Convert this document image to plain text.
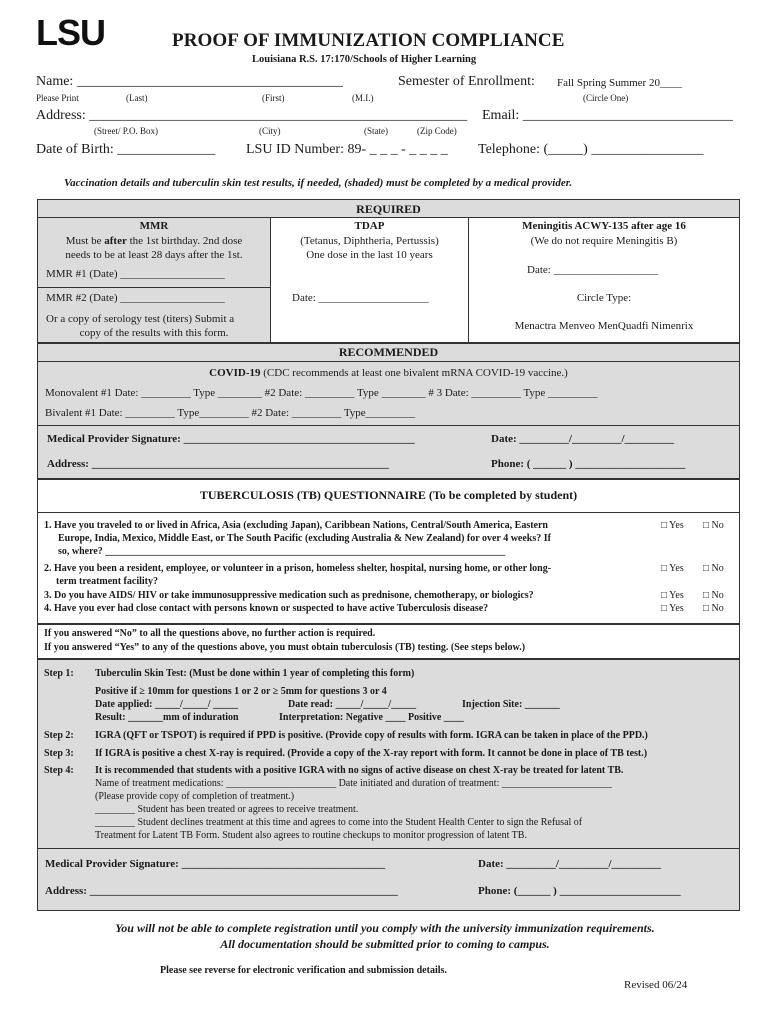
LSU	PROOF OF IMMUNIZATION COMPLIANCE
Louisiana R.S. 17:170/Schools of Higher Learning
Name: ______________________________________	Semester of Enrollment: Fall Spring Summer 20____
Please Print	(Last)	(First)	(M.I.)	(Circle One)
Address: ______________________________________________________ Email: ______________________________
(Street/ P.O. Box)	(City)	(State)	(Zip Code)
Date of Birth: ______________ LSU ID Number: 89- _ _ _ - _ _ _ _ Telephone: (_____) ________________
Vaccination details and tuberculin skin test results, if needed, (shaded) must be completed by a medical provider.
REQUIRED
MMR
Must be after the 1st birthday. 2nd dose
needs to be at least 28 days after the 1st.
MMR #1 (Date) ___________________
MMR #2 (Date) ___________________
Or a copy of serology test (titers) Submit a
copy of the results with this form.
TDAP
(Tetanus, Diphtheria, Pertussis)
One dose in the last 10 years
Date: ____________________
Meningitis ACWY-135 after age 16
(We do not require Meningitis B)
Date: ___________________
Circle Type:
Menactra Menveo MenQuadfi Nimenrix
RECOMMENDED
COVID-19 (CDC recommends at least one bivalent mRNA COVID-19 vaccine.)
Monovalent #1 Date: _________ Type ________ #2 Date: _________ Type ________ # 3 Date: _________ Type _________
Bivalent #1 Date: _________ Type_________ #2 Date: _________ Type_________
Medical Provider Signature: __________________________________________	Date: _________/_________/_________
Address: ______________________________________________________	Phone: ( ______ ) ____________________
TUBERCULOSIS (TB) QUESTIONNAIRE (To be completed by student)
1. Have you traveled to or lived in Africa, Asia (excluding Japan), Caribbean Nations, Central/South America, Eastern
Europe, India, Mexico, Middle East, or The South Pacific (excluding Australia & New Zealand) for over 4 weeks? If
so, where? ________________________________________________________________________________
□ Yes □ No
2. Have you been a resident, employee, or volunteer in a prison, homeless shelter, hospital, nursing home, or other long-
term treatment facility?
□ Yes □ No
3. Do you have AIDS/ HIV or take immunosuppressive medication such as prednisone, chemotherapy, or biologics?	□ Yes □ No
4. Have you ever had close contact with persons known or suspected to have active Tuberculosis disease?	□ Yes □ No
If you answered “No” to all the questions above, no further action is required.
If you answered “Yes” to any of the questions above, you must obtain tuberculosis (TB) testing. (See steps below.)
Step 1: Tuberculin Skin Test: (Must be done within 1 year of completing this form)
Positive if ≥ 10mm for questions 1 or 2 or ≥ 5mm for questions 3 or 4
Date applied: _____/_____/ _____	Date read: _____/_____/_____	Injection Site: _______
Result: _______mm of induration	Interpretation: Negative ____ Positive ____
Step 2: IGRA (QFT or TSPOT) is required if PPD is positive. (Provide copy of results with form. IGRA can be taken in place of the PPD.)
Step 3: If IGRA is positive a chest X-ray is required. (Provide a copy of the X-ray report with form. It cannot be done in place of TB test.)
Step 4: It is recommended that students with a positive IGRA with no signs of active disease on chest X-ray be treated for latent TB.
Name of treatment medications: ______________________ Date initiated and duration of treatment: ______________________
(Please provide copy of completion of treatment.)
________ Student has been treated or agrees to receive treatment.
________ Student declines treatment at this time and agrees to come into the Student Health Center to sign the Refusal of
Treatment for Latent TB Form. Student also agrees to routine checkups to monitor progression of latent TB.
Medical Provider Signature: _____________________________________	Date: _________/_________/_________
Address: ________________________________________________________	Phone: (______ ) ______________________
You will not be able to complete registration until you comply with the university immunization requirements.
All documentation should be submitted prior to coming to campus.
Please see reverse for electronic verification and submission details.
Revised 06/24
